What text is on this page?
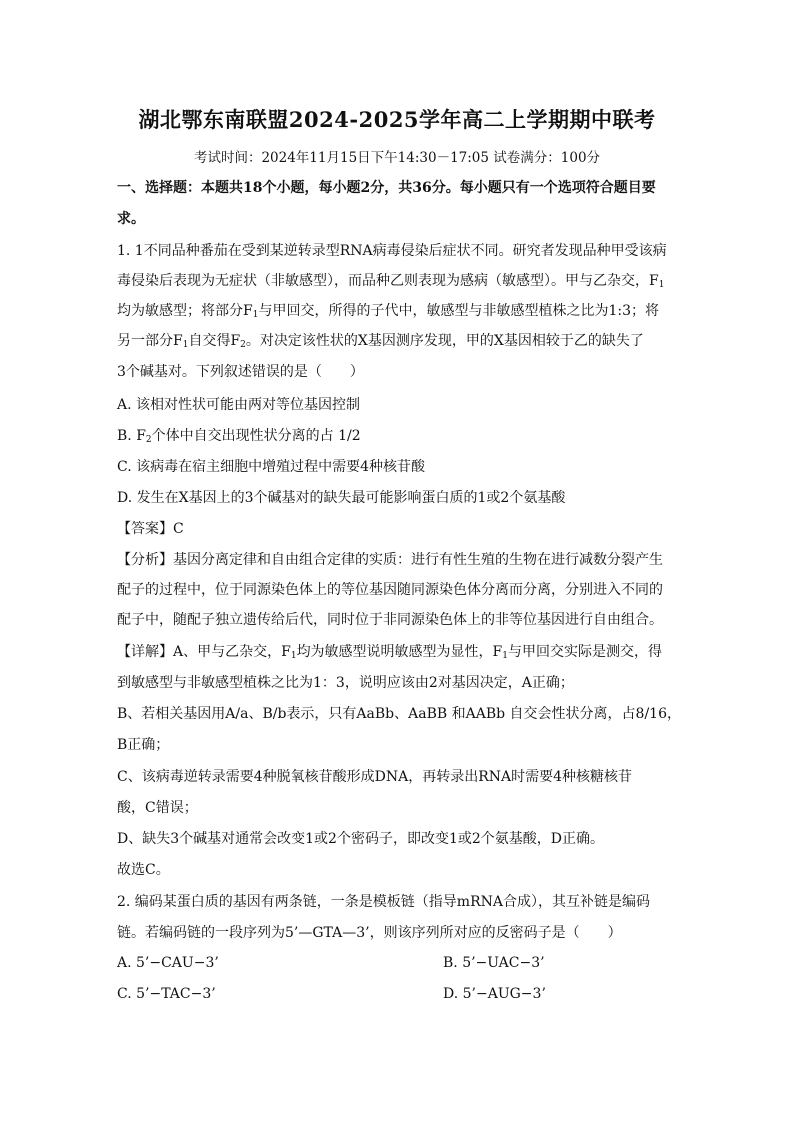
湖北鄂东南联盟2024-2025学年高二上学期期中联考
考试时间：2024年11月15日下午14:30－17:05 试卷满分：100分
一、选择题：本题共18个小题，每小题2分，共36分。每小题只有一个选项符合题目要
求。
1. 1不同品种番茄在受到某逆转录型RNA病毒侵染后症状不同。研究者发现品种甲受该病
毒侵染后表现为无症状（非敏感型），而品种乙则表现为感病（敏感型）。甲与乙杂交，$F_1$
均为敏感型；将部分$F_1$与甲回交，所得的子代中，敏感型与非敏感型植株之比为1:3；将
另一部分$F_1$自交得$F_2$。对决定该性状的X基因测序发现，甲的X基因相较于乙的缺失了
3个碱基对。下列叙述错误的是（　　）
A. 该相对性状可能由两对等位基因控制
B. $F_2$个体中自交出现性状分离的占 1/2
C. 该病毒在宿主细胞中增殖过程中需要4种核苷酸
D. 发生在X基因上的3个碱基对的缺失最可能影响蛋白质的1或2个氨基酸
【答案】C
【分析】基因分离定律和自由组合定律的实质：进行有性生殖的生物在进行减数分裂产生
配子的过程中，位于同源染色体上的等位基因随同源染色体分离而分离，分别进入不同的
配子中，随配子独立遗传给后代，同时位于非同源染色体上的非等位基因进行自由组合。
【详解】A、甲与乙杂交，$F_1$均为敏感型说明敏感型为显性，$F_1$与甲回交实际是测交，得
到敏感型与非敏感型植株之比为1：3，说明应该由2对基因决定，A正确；
B、若相关基因用A/a、B/b表示，只有AaBb、AaBB 和AABb 自交会性状分离，占8/16，
B正确；
C、该病毒逆转录需要4种脱氧核苷酸形成DNA，再转录出RNA时需要4种核糖核苷
酸，C错误；
D、缺失3个碱基对通常会改变1或2个密码子，即改变1或2个氨基酸，D正确。
故选C。
2. 编码某蛋白质的基因有两条链，一条是模板链（指导mRNA合成），其互补链是编码
链。若编码链的一段序列为5’—GTA—3’，则该序列所对应的反密码子是（　　）
A. 5’−CAU−3’	B. 5’−UAC−3’
C. 5’−TAC−3’	D. 5’−AUG−3’
